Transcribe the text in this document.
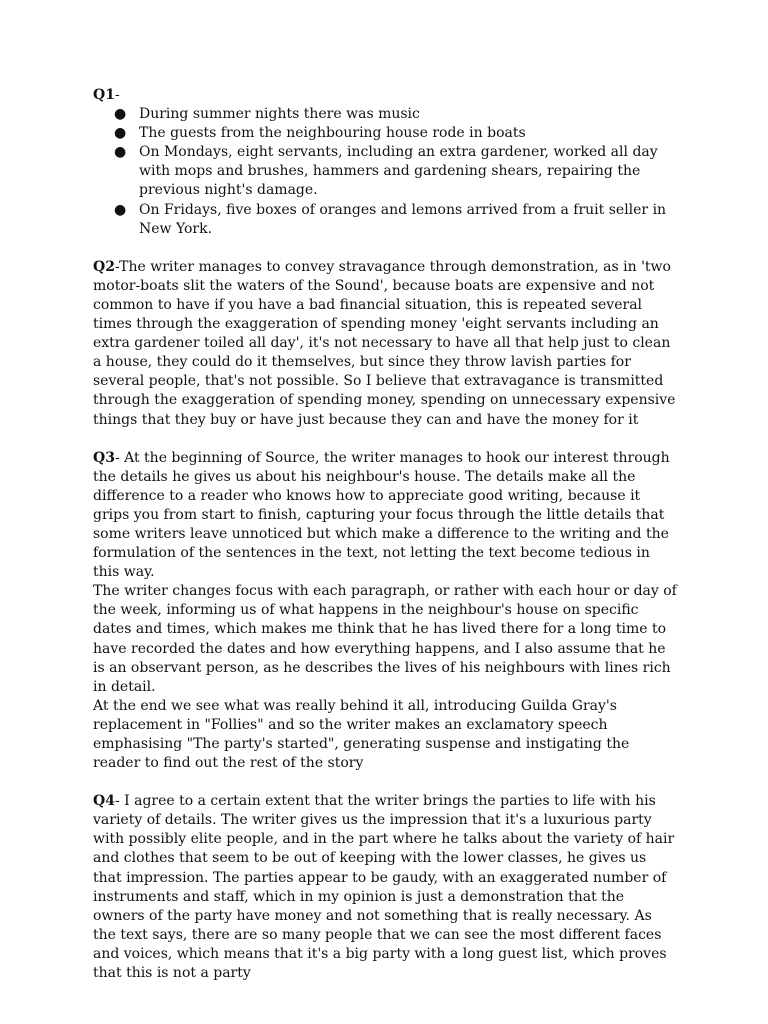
Q1-
● During summer nights there was music
● The guests from the neighbouring house rode in boats
● On Mondays, eight servants, including an extra gardener, worked all day with mops and brushes, hammers and gardening shears, repairing the previous night's damage.
● On Fridays, five boxes of oranges and lemons arrived from a fruit seller in New York.

Q2-The writer manages to convey stravagance through demonstration, as in 'two motor-boats slit the waters of the Sound', because boats are expensive and not common to have if you have a bad financial situation, this is repeated several times through the exaggeration of spending money 'eight servants including an extra gardener toiled all day', it's not necessary to have all that help just to clean a house, they could do it themselves, but since they throw lavish parties for several people, that's not possible. So I believe that extravagance is transmitted through the exaggeration of spending money, spending on unnecessary expensive things that they buy or have just because they can and have the money for it

Q3- At the beginning of Source, the writer manages to hook our interest through the details he gives us about his neighbour's house. The details make all the difference to a reader who knows how to appreciate good writing, because it grips you from start to finish, capturing your focus through the little details that some writers leave unnoticed but which make a difference to the writing and the formulation of the sentences in the text, not letting the text become tedious in this way.

The writer changes focus with each paragraph, or rather with each hour or day of the week, informing us of what happens in the neighbour's house on specific dates and times, which makes me think that he has lived there for a long time to have recorded the dates and how everything happens, and I also assume that he is an observant person, as he describes the lives of his neighbours with lines rich in detail.

At the end we see what was really behind it all, introducing Guilda Gray's replacement in "Follies" and so the writer makes an exclamatory speech emphasising "The party's started", generating suspense and instigating the reader to find out the rest of the story

Q4- I agree to a certain extent that the writer brings the parties to life with his variety of details. The writer gives us the impression that it's a luxurious party with possibly elite people, and in the part where he talks about the variety of hair and clothes that seem to be out of keeping with the lower classes, he gives us that impression. The parties appear to be gaudy, with an exaggerated number of instruments and staff, which in my opinion is just a demonstration that the owners of the party have money and not something that is really necessary. As the text says, there are so many people that we can see the most different faces and voices, which means that it's a big party with a long guest list, which proves that this is not a party
